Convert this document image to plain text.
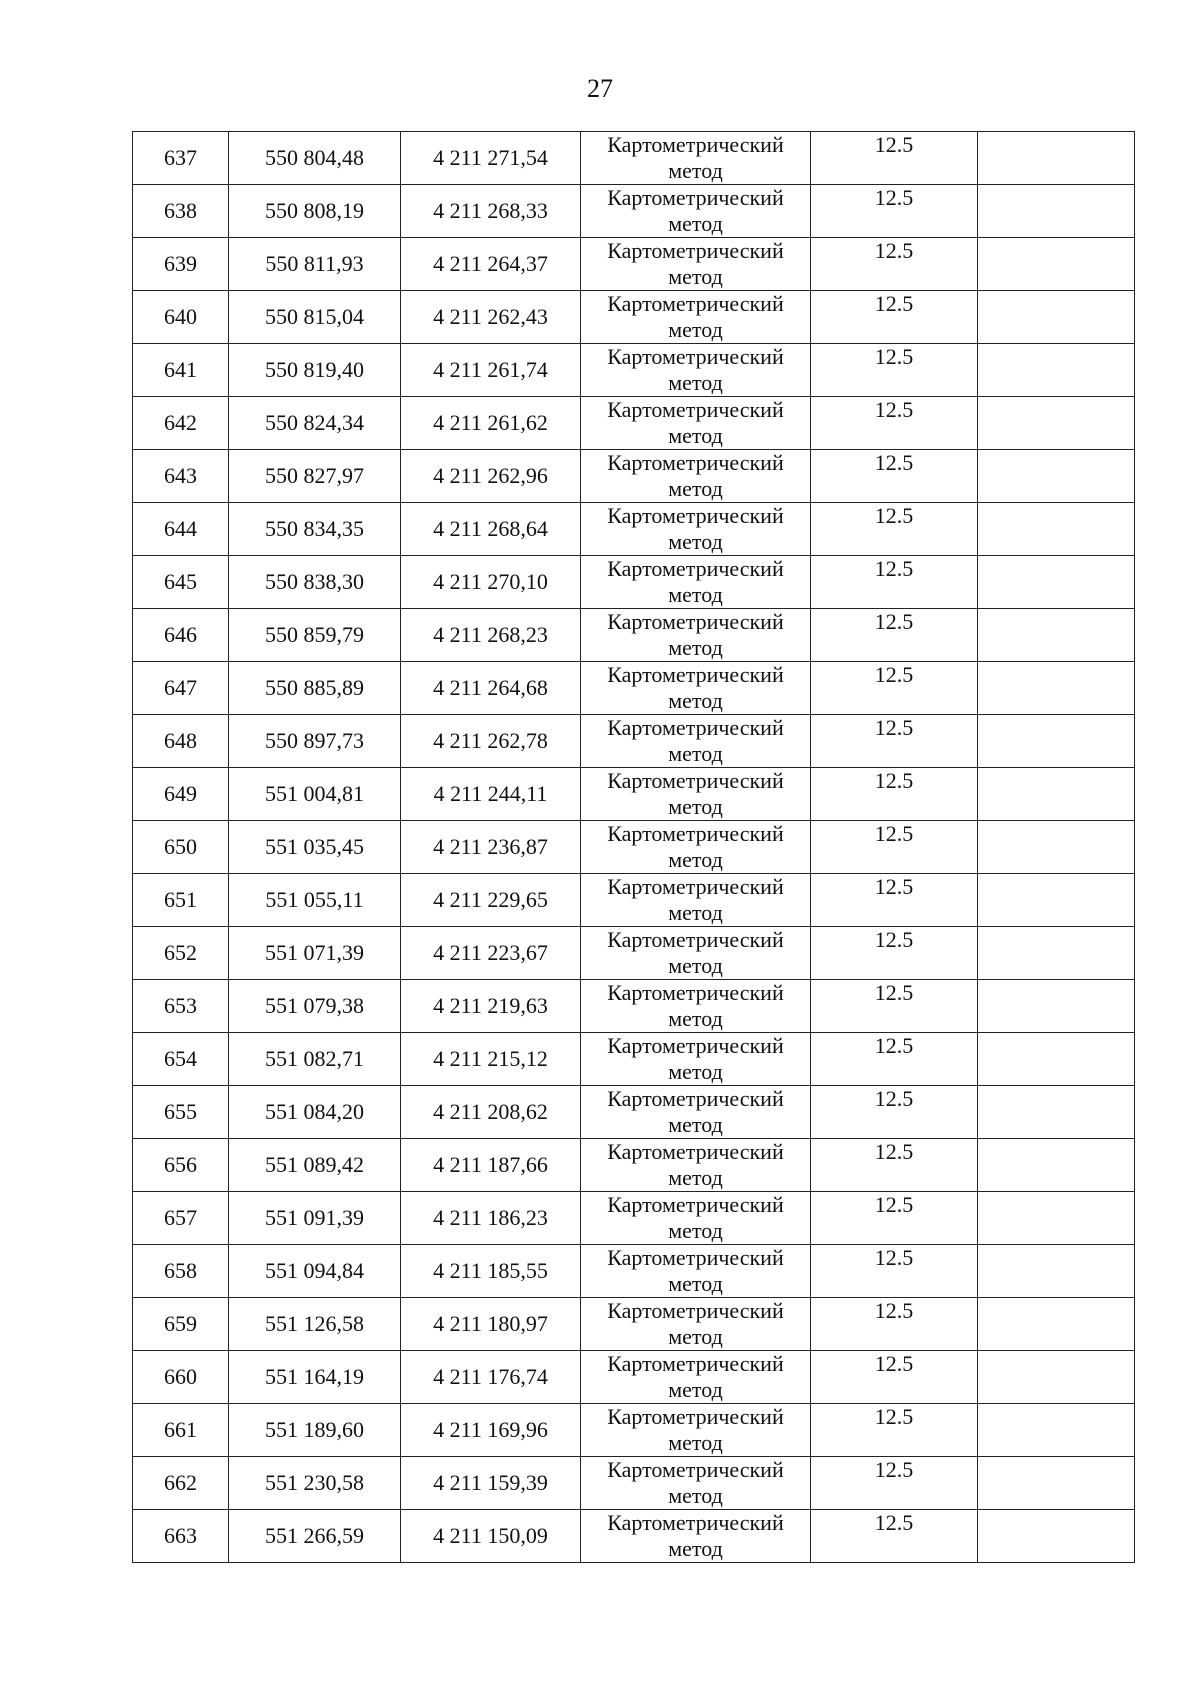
27
637	550 804,48	4 211 271,54	Картометрический
метод	12.5	
638	550 808,19	4 211 268,33	Картометрический
метод	12.5	
639	550 811,93	4 211 264,37	Картометрический
метод	12.5	
640	550 815,04	4 211 262,43	Картометрический
метод	12.5	
641	550 819,40	4 211 261,74	Картометрический
метод	12.5	
642	550 824,34	4 211 261,62	Картометрический
метод	12.5	
643	550 827,97	4 211 262,96	Картометрический
метод	12.5	
644	550 834,35	4 211 268,64	Картометрический
метод	12.5	
645	550 838,30	4 211 270,10	Картометрический
метод	12.5	
646	550 859,79	4 211 268,23	Картометрический
метод	12.5	
647	550 885,89	4 211 264,68	Картометрический
метод	12.5	
648	550 897,73	4 211 262,78	Картометрический
метод	12.5	
649	551 004,81	4 211 244,11	Картометрический
метод	12.5	
650	551 035,45	4 211 236,87	Картометрический
метод	12.5	
651	551 055,11	4 211 229,65	Картометрический
метод	12.5	
652	551 071,39	4 211 223,67	Картометрический
метод	12.5	
653	551 079,38	4 211 219,63	Картометрический
метод	12.5	
654	551 082,71	4 211 215,12	Картометрический
метод	12.5	
655	551 084,20	4 211 208,62	Картометрический
метод	12.5	
656	551 089,42	4 211 187,66	Картометрический
метод	12.5	
657	551 091,39	4 211 186,23	Картометрический
метод	12.5	
658	551 094,84	4 211 185,55	Картометрический
метод	12.5	
659	551 126,58	4 211 180,97	Картометрический
метод	12.5	
660	551 164,19	4 211 176,74	Картометрический
метод	12.5	
661	551 189,60	4 211 169,96	Картометрический
метод	12.5	
662	551 230,58	4 211 159,39	Картометрический
метод	12.5	
663	551 266,59	4 211 150,09	Картометрический
метод	12.5	
